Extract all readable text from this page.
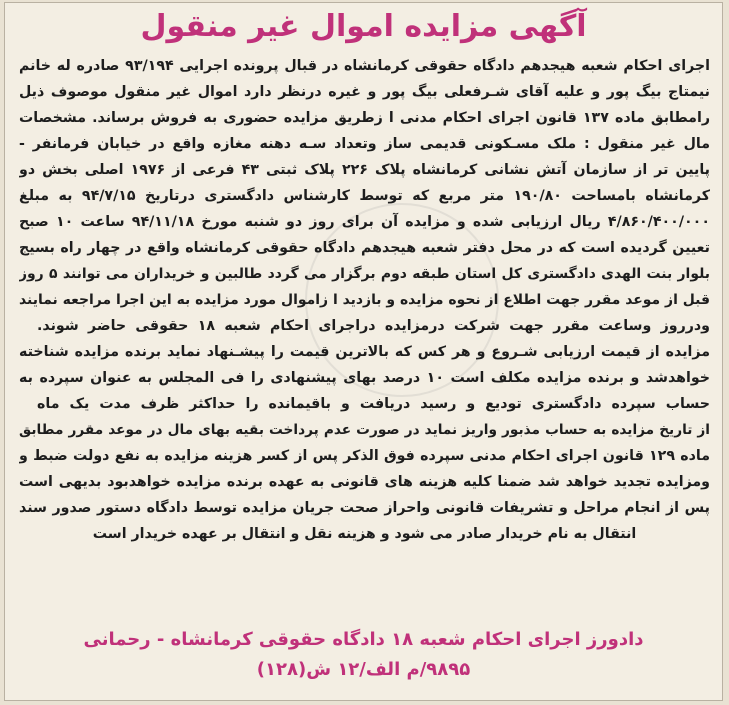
آگهی مزایده اموال غیر منقول
اجرای احکام شعبه هیجدهم دادگاه حقوقی کرمانشاه در قبال پرونده اجرایی ۹۳/۱۹۴ صادره له خانم
نیمتاج بیگ پور و علیه آقای شـرفعلی بیگ پور و غیره درنظر دارد اموال غیر منقول موصوف ذیل
رامطابق ماده ۱۳۷ قانون اجرای احکام مدنی ا زطریق مزایده حضوری به فروش برساند. مشخصات
مال غیر منقول : ملک مسـکونی قدیمی ساز وتعداد سـه دهنه مغازه واقع در خیابان فرمانفر -
پایین تر از سازمان آتش نشانی کرمانشاه پلاک ۲۲۶ پلاک ثبتی ۴۳ فرعی از ۱۹۷۶ اصلی بخش دو
کرمانشاه بامساحت ۱۹۰/۸۰ متر مربع که توسط کارشناس دادگستری درتاریخ ۹۴/۷/۱۵ به مبلغ
۴/۸۶۰/۴۰۰/۰۰۰ ریال ارزیابی شده و مزایده آن برای روز دو شنبه مورخ ۹۴/۱۱/۱۸ ساعت ۱۰ صبح
تعیین گردیده است که در محل دفتر شعبه هیجدهم دادگاه حقوقی کرمانشاه واقع در چهار راه بسیج
بلوار بنت الهدی دادگستری کل استان طبقه دوم برگزار می گردد طالبین و خریداران می توانند ۵ روز
قبل از موعد مقرر جهت اطلاع از نحوه مزایده و بازدید ا زاموال مورد مزایده به این اجرا مراجعه نمایند
ودرروز وساعت مقرر جهت شرکت درمزایده دراجرای احکام شعبه ۱۸ حقوقی حاضر شوند.
مزایده از قیمت ارزیابی شـروع و هر کس که بالاترین قیمت را پیشـنهاد نماید برنده مزایده شناخته
خواهدشد و برنده مزایده مکلف است ۱۰ درصد بهای پیشنهادی را فی المجلس به عنوان سپرده به
حساب سپرده دادگستری تودیع و رسید دریافت و باقیمانده را حداکثر ظرف مدت یک ماه
از تاریخ مزایده به حساب مذبور واریز نماید در صورت عدم پرداخت بقیه بهای مال در موعد مقرر مطابق
ماده ۱۲۹ قانون اجرای احکام مدنی سپرده فوق الذکر پس از کسر هزینه مزایده به نفع دولت ضبط و
ومزایده تجدید خواهد شد ضمنا کلیه هزینه های قانونی به عهده برنده مزایده خواهدبود بدیهی است
پس از انجام مراحل و تشریفات قانونی واحراز صحت جریان مزایده توسط دادگاه دستور صدور سند
انتقال به نام خریدار صادر می شود و هزینه نقل و انتقال بر عهده خریدار است
دادورز اجرای احکام شعبه ۱۸ دادگاه حقوقی کرمانشاه - رحمانی
۹۸۹۵/م الف/۱۲ ش(۱۲۸)
